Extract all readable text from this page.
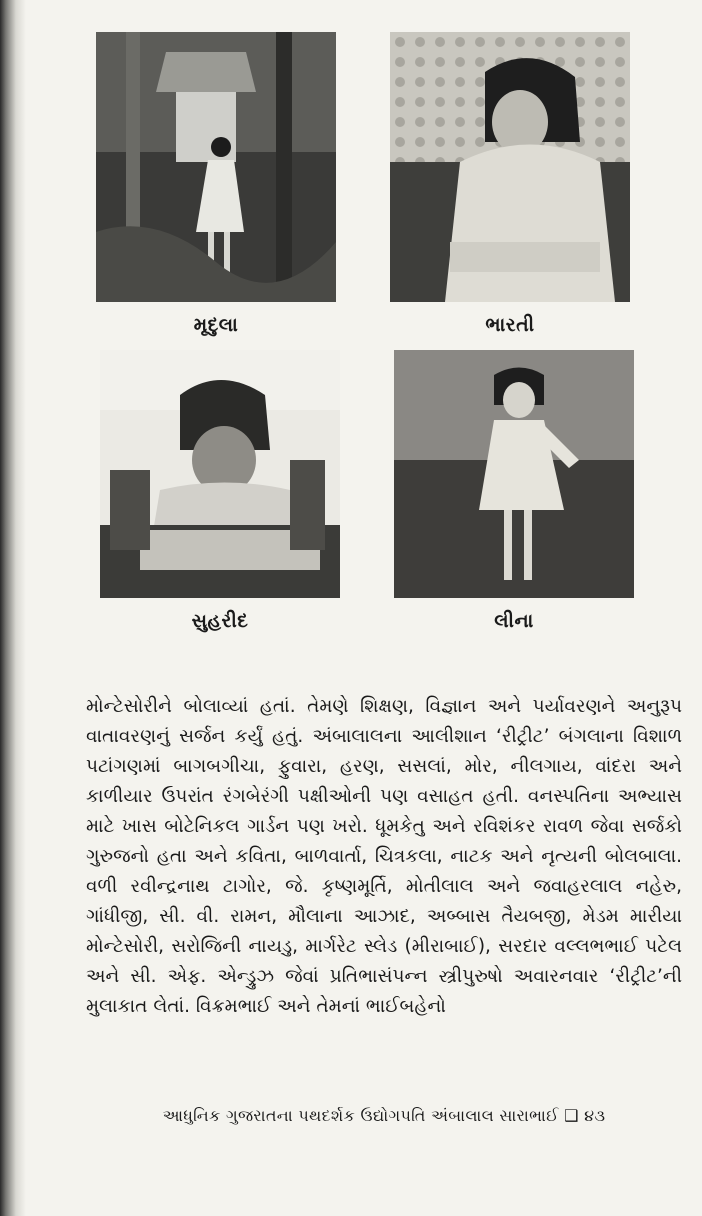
મૃદુલા	ભારતી
સુહરીદ	લીના

મોન્ટેસોરીને બોલાવ્યાં હતાં. તેમણે શિક્ષણ, વિજ્ઞાન અને પર્યાવરણને અનુરૂપ વાતાવરણનું સર્જન કર્યું હતું. અંબાલાલના આલીશાન ‘રીટ્રીટ’ બંગલાના વિશાળ પટાંગણમાં બાગબગીચા, ફુવારા, હરણ, સસલાં, મોર, નીલગાય, વાંદરા અને કાળીયાર ઉપરાંત રંગબેરંગી પક્ષીઓની પણ વસાહત હતી. વનસ્પતિના અભ્યાસ માટે ખાસ બોટેનિકલ ગાર્ડન પણ ખરો. ધૂમકેતુ અને રવિશંકર રાવળ જેવા સર્જકો ગુરુજનો હતા અને કવિતા, બાળવાર્તા, ચિત્રકલા, નાટક અને નૃત્યની બોલબાલા. વળી રવીન્દ્રનાથ ટાગોર, જે. કૃષ્ણમૂર્તિ, મોતીલાલ અને જવાહરલાલ નહેરુ, ગાંધીજી, સી. વી. રામન, મૌલાના આઝાદ, અબ્બાસ તૈયબજી, મેડમ મારીયા મોન્ટેસોરી, સરોજિની નાયડુ, માર્ગરેટ સ્લેડ (મીરાબાઈ), સરદાર વલ્લભભાઈ પટેલ અને સી. એફ. એન્ડ્રુઝ જેવાં પ્રતિભાસંપન્ન સ્ત્રીપુરુષો અવારનવાર ‘રીટ્રીટ’ની મુલાકાત લેતાં. વિક્રમભાઈ અને તેમનાં ભાઈબહેનો

આધુનિક ગુજરાતના પથદર્શક ઉદ્યોગપતિ અંબાલાલ સારાભાઈ ❑ ૪૩
